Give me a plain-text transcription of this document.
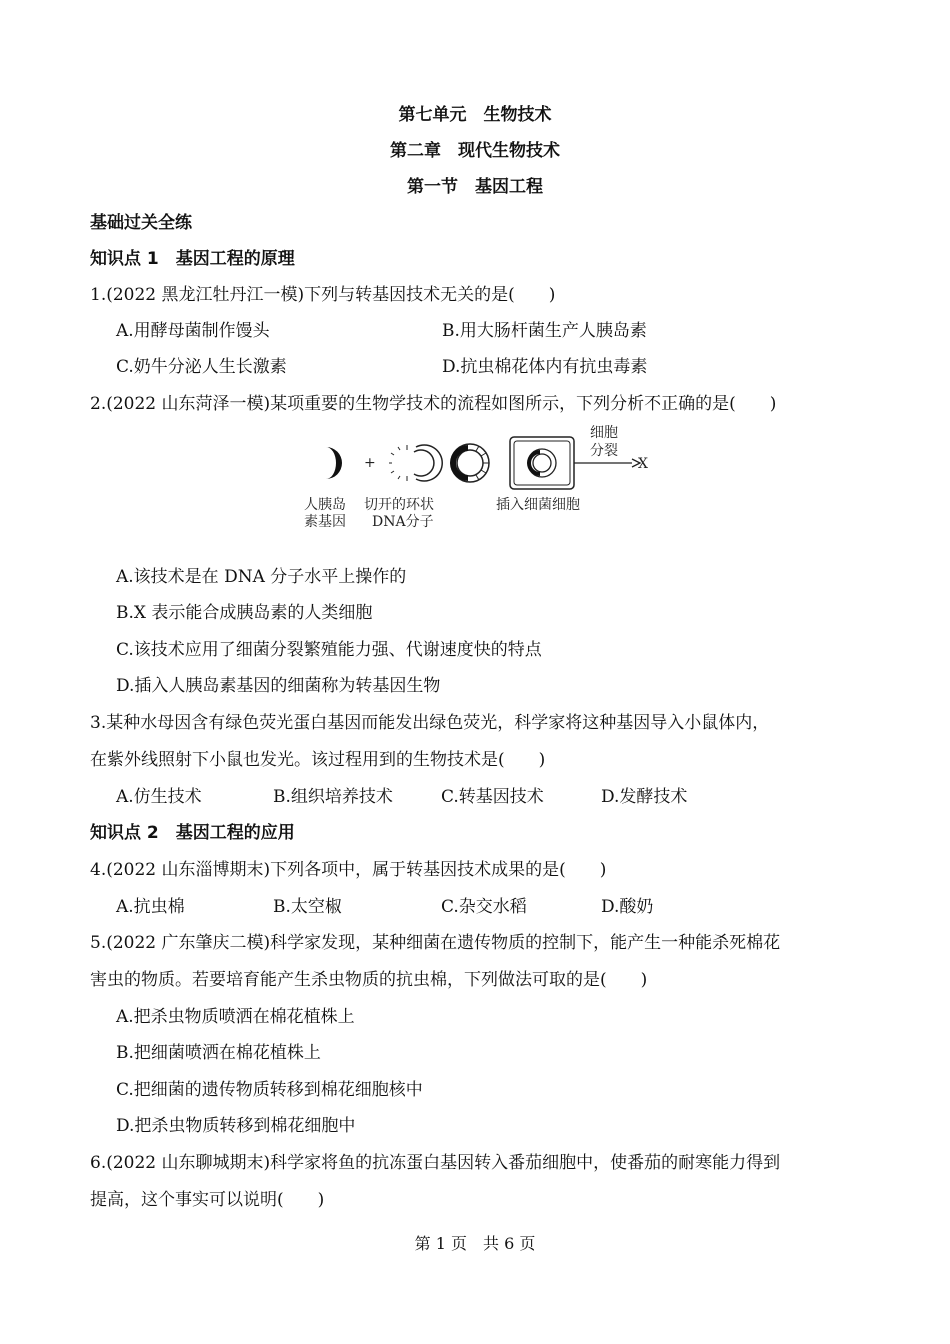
第七单元　生物技术
第二章　现代生物技术
第一节　基因工程
基础过关全练
知识点 1　基因工程的原理
1.(2022 黑龙江牡丹江一模)下列与转基因技术无关的是(　　)
A.用酵母菌制作馒头	B.用大肠杆菌生产人胰岛素
C.奶牛分泌人生长激素	D.抗虫棉花体内有抗虫毒素
2.(2022 山东菏泽一模)某项重要的生物学技术的流程如图所示，下列分析不正确的是(　　)
+
细胞
分裂
X
人胰岛
素基因
切开的环状
DNA分子
插入细菌细胞
A.该技术是在 DNA 分子水平上操作的
B.X 表示能合成胰岛素的人类细胞
C.该技术应用了细菌分裂繁殖能力强、代谢速度快的特点
D.插入人胰岛素基因的细菌称为转基因生物
3.某种水母因含有绿色荧光蛋白基因而能发出绿色荧光，科学家将这种基因导入小鼠体内，
在紫外线照射下小鼠也发光。该过程用到的生物技术是(　　)
A.仿生技术	B.组织培养技术	C.转基因技术	D.发酵技术
知识点 2　基因工程的应用
4.(2022 山东淄博期末)下列各项中，属于转基因技术成果的是(　　)
A.抗虫棉	B.太空椒	C.杂交水稻	D.酸奶
5.(2022 广东肇庆二模)科学家发现，某种细菌在遗传物质的控制下，能产生一种能杀死棉花
害虫的物质。若要培育能产生杀虫物质的抗虫棉，下列做法可取的是(　　)
A.把杀虫物质喷洒在棉花植株上
B.把细菌喷洒在棉花植株上
C.把细菌的遗传物质转移到棉花细胞核中
D.把杀虫物质转移到棉花细胞中
6.(2022 山东聊城期末)科学家将鱼的抗冻蛋白基因转入番茄细胞中，使番茄的耐寒能力得到
提高，这个事实可以说明(　　)
第 1 页　共 6 页
